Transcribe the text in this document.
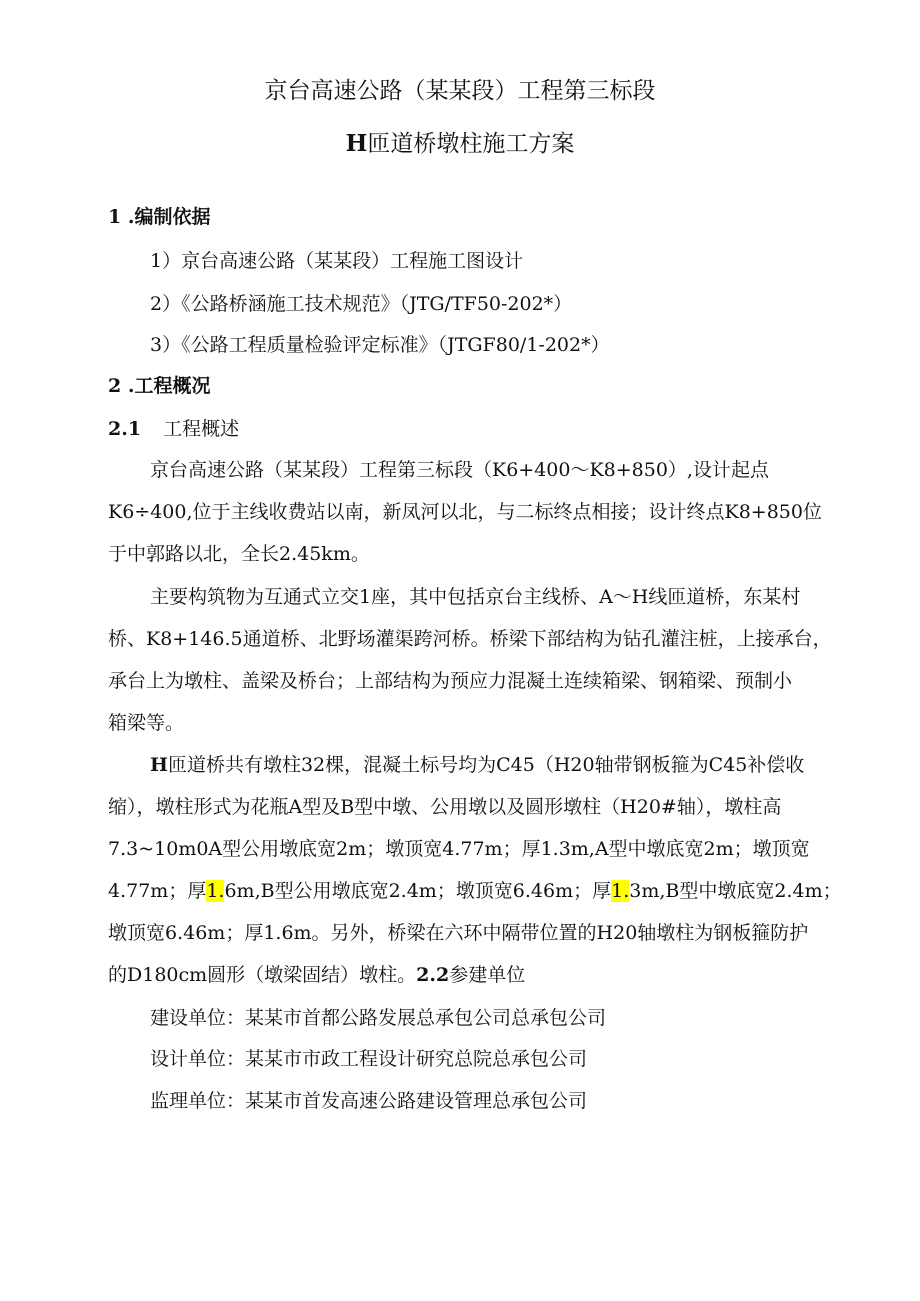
京台高速公路（某某段）工程第三标段
H匝道桥墩柱施工方案
1 .编制依据
1）京台高速公路（某某段）工程施工图设计
2）《公路桥涵施工技术规范》（JTG/TF50-202*）
3）《公路工程质量检验评定标准》（JTGF80/1-202*）
2 .工程概况
2.1 工程概述
京台高速公路（某某段）工程第三标段（K6+400～K8+850）,设计起点
K6÷400,位于主线收费站以南，新凤河以北，与二标终点相接；设计终点K8+850位
于中郭路以北，全长2.45km。
主要构筑物为互通式立交1座，其中包括京台主线桥、A～H线匝道桥，东某村
桥、K8+146.5通道桥、北野场灌渠跨河桥。桥梁下部结构为钻孔灌注桩，上接承台，
承台上为墩柱、盖梁及桥台；上部结构为预应力混凝土连续箱梁、钢箱梁、预制小
箱梁等。
H匝道桥共有墩柱32棵，混凝土标号均为C45（H20轴带钢板箍为C45补偿收
缩），墩柱形式为花瓶A型及B型中墩、公用墩以及圆形墩柱（H20#轴），墩柱高
7.3~10m0A型公用墩底宽2m；墩顶宽4.77m；厚1.3m,A型中墩底宽2m；墩顶宽
4.77m；厚1.6m,B型公用墩底宽2.4m；墩顶宽6.46m；厚1.3m,B型中墩底宽2.4m；
墩顶宽6.46m；厚1.6m。另外，桥梁在六环中隔带位置的H20轴墩柱为钢板箍防护
的D180cm圆形（墩梁固结）墩柱。2.2参建单位
建设单位：某某市首都公路发展总承包公司总承包公司
设计单位：某某市市政工程设计研究总院总承包公司
监理单位：某某市首发高速公路建设管理总承包公司
